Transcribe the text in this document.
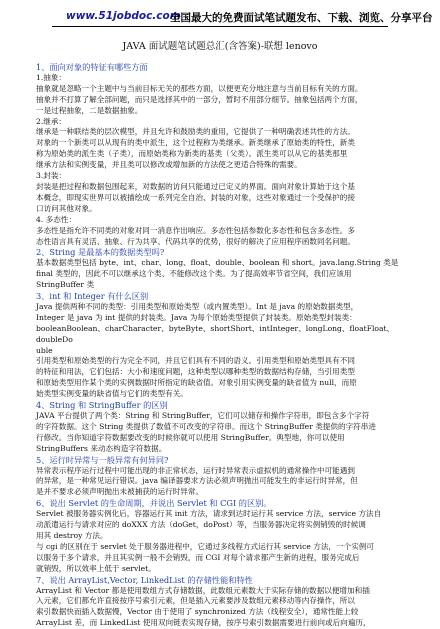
www.51jobdoc.com
全国最大的免费面试笔试题发布、下载、浏览、分享平台
JAVA 面试题笔试题总汇(含答案)-联想 lenovo

1、面向对象的特征有哪些方面

1.抽象：

抽象就是忽略一个主题中与当前目标无关的那些方面，以便更充分地注意与当前目标有关的方面。

抽象并不打算了解全部问题，而只是选择其中的一部分，暂时不用部分细节。抽象包括两个方面，

一是过程抽象，二是数据抽象。

2.继承：

继承是一种联结类的层次模型，并且允许和鼓励类的重用，它提供了一种明确表述共性的方法。

对象的一个新类可以从现有的类中派生，这个过程称为类继承。新类继承了原始类的特性，新类

称为原始类的派生类（子类），而原始类称为新类的基类（父类）。派生类可以从它的基类那里

继承方法和实例变量，并且类可以修改或增加新的方法使之更适合特殊的需要。

3.封装：

封装是把过程和数据包围起来，对数据的访问只能通过已定义的界面。面向对象计算始于这个基

本概念，即现实世界可以被描绘成一系列完全自治、封装的对象，这些对象通过一个受保护的接

口访问其他对象。

4. 多态性：

多态性是指允许不同类的对象对同一消息作出响应。多态性包括参数化多态性和包含多态性。多

态性语言具有灵活、抽象、行为共享、代码共享的优势，很好的解决了应用程序函数同名问题。

2、String 是最基本的数据类型吗?

基本数据类型包括 byte、int、char、long、float、double、boolean 和 short。java.lang.String 类是

final 类型的，因此不可以继承这个类、不能修改这个类。为了提高效率节省空间，我们应该用

StringBuffer 类

3、int 和 Integer 有什么区别

Java 提供两种不同的类型：引用类型和原始类型（或内置类型）。Int 是 java 的原始数据类型，

Integer 是 java 为 int 提供的封装类。Java 为每个原始类型提供了封装类。原始类型封装类：

booleanBoolean、charCharacter、byteByte、shortShort、intInteger、longLong、floatFloat、doubleDo

uble

引用类型和原始类型的行为完全不同，并且它们具有不同的语义。引用类型和原始类型具有不同

的特征和用法，它们包括：大小和速度问题，这种类型以哪种类型的数据结构存储，当引用类型

和原始类型用作某个类的实例数据时所指定的缺省值。对象引用实例变量的缺省值为 null，而原

始类型实例变量的缺省值与它们的类型有关。

4、String 和 StringBuffer 的区别

JAVA 平台提供了两个类：String 和 StringBuffer，它们可以储存和操作字符串，即包含多个字符

的字符数据。这个 String 类提供了数值不可改变的字符串。而这个 StringBuffer 类提供的字符串进

行修改。当你知道字符数据要改变的时候你就可以使用 StringBuffer。典型地，你可以使用

StringBuffers 来动态构造字符数据。

5、运行时异常与一般异常有何异同?

异常表示程序运行过程中可能出现的非正常状态，运行时异常表示虚拟机的通常操作中可能遇到

的异常，是一种常见运行错误。java 编译器要求方法必须声明抛出可能发生的非运行时异常，但

是并不要求必须声明抛出未被捕获的运行时异常。

6、说出 Servlet 的生命周期，并说出 Servlet 和 CGI 的区别。

Servlet 被服务器实例化后，容器运行其 init 方法，请求到达时运行其 service 方法，service 方法自

动派遣运行与请求对应的 doXXX 方法（doGet，doPost）等，当服务器决定将实例销毁的时候调

用其 destroy 方法。

与 cgi 的区别在于 servlet 处于服务器进程中，它通过多线程方式运行其 service 方法，一个实例可

以服务于多个请求，并且其实例一般不会销毁，而 CGI 对每个请求都产生新的进程，服务完成后

就销毁，所以效率上低于 servlet。

7、说出 ArrayList,Vector, LinkedList 的存储性能和特性

ArrayList 和 Vector 都是使用数组方式存储数据，此数组元素数大于实际存储的数据以便增加和插

入元素，它们都允许直接按序号索引元素，但是插入元素要涉及数组元素移动等内存操作，所以

索引数据快而插入数据慢，Vector 由于使用了 synchronized 方法（线程安全），通常性能上较

ArrayList 差，而 LinkedList 使用双向链表实现存储，按序号索引数据需要进行前向或后向遍历，
